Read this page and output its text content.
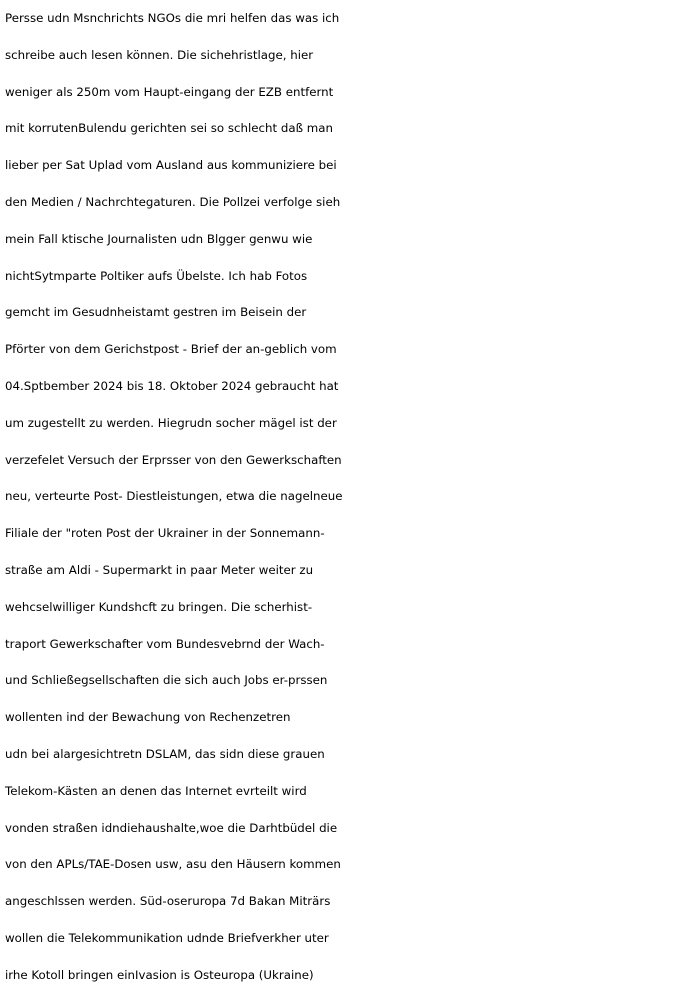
Persse udn Msnchrichts NGOs die mri helfen das was ich
schreibe auch lesen können. Die sichehristlage, hier
weniger als 250m vom Haupt-eingang der EZB entfernt
mit korrutenBulendu gerichten sei so schlecht daß man
lieber per Sat Uplad vom Ausland aus kommuniziere bei
den Medien / Nachrchtegaturen. Die Pollzei verfolge sieh
mein Fall ktische Journalisten udn Blgger genwu wie
nichtSytmparte Poltiker aufs Übelste. Ich hab Fotos
gemcht im Gesudnheistamt gestren im Beisein der
Pförter von dem Gerichstpost - Brief der an-geblich vom
04.Sptbember 2024 bis 18. Oktober 2024 gebraucht hat
um zugestellt zu werden. Hiegrudn socher mägel ist der
verzefelet Versuch der Erprsser von den Gewerkschaften
neu, verteurte Post- Diestleistungen, etwa die nagelneue
Filiale der "roten Post der Ukrainer in der Sonnemann-
straße am Aldi - Supermarkt in paar Meter weiter zu
wehcselwilliger Kundshcft zu bringen. Die scherhist-
traport Gewerkschafter vom Bundesvebrnd der Wach-
und Schließegsellschaften die sich auch Jobs er-prssen
wollenten ind der Bewachung von Rechenzetren
udn bei alargesichtretn DSLAM, das sidn diese grauen
Telekom-Kästen an denen das Internet evrteilt wird
vonden straßen idndiehaushalte,woe die Darhtbüdel die
von den APLs/TAE-Dosen usw, asu den Häusern kommen
angeschlssen werden. Süd-oseruropa 7d Bakan Miträrs
wollen die Telekommunikation udnde Briefverkher uter
irhe Kotoll bringen einIvasion is Osteuropa (Ukraine)
